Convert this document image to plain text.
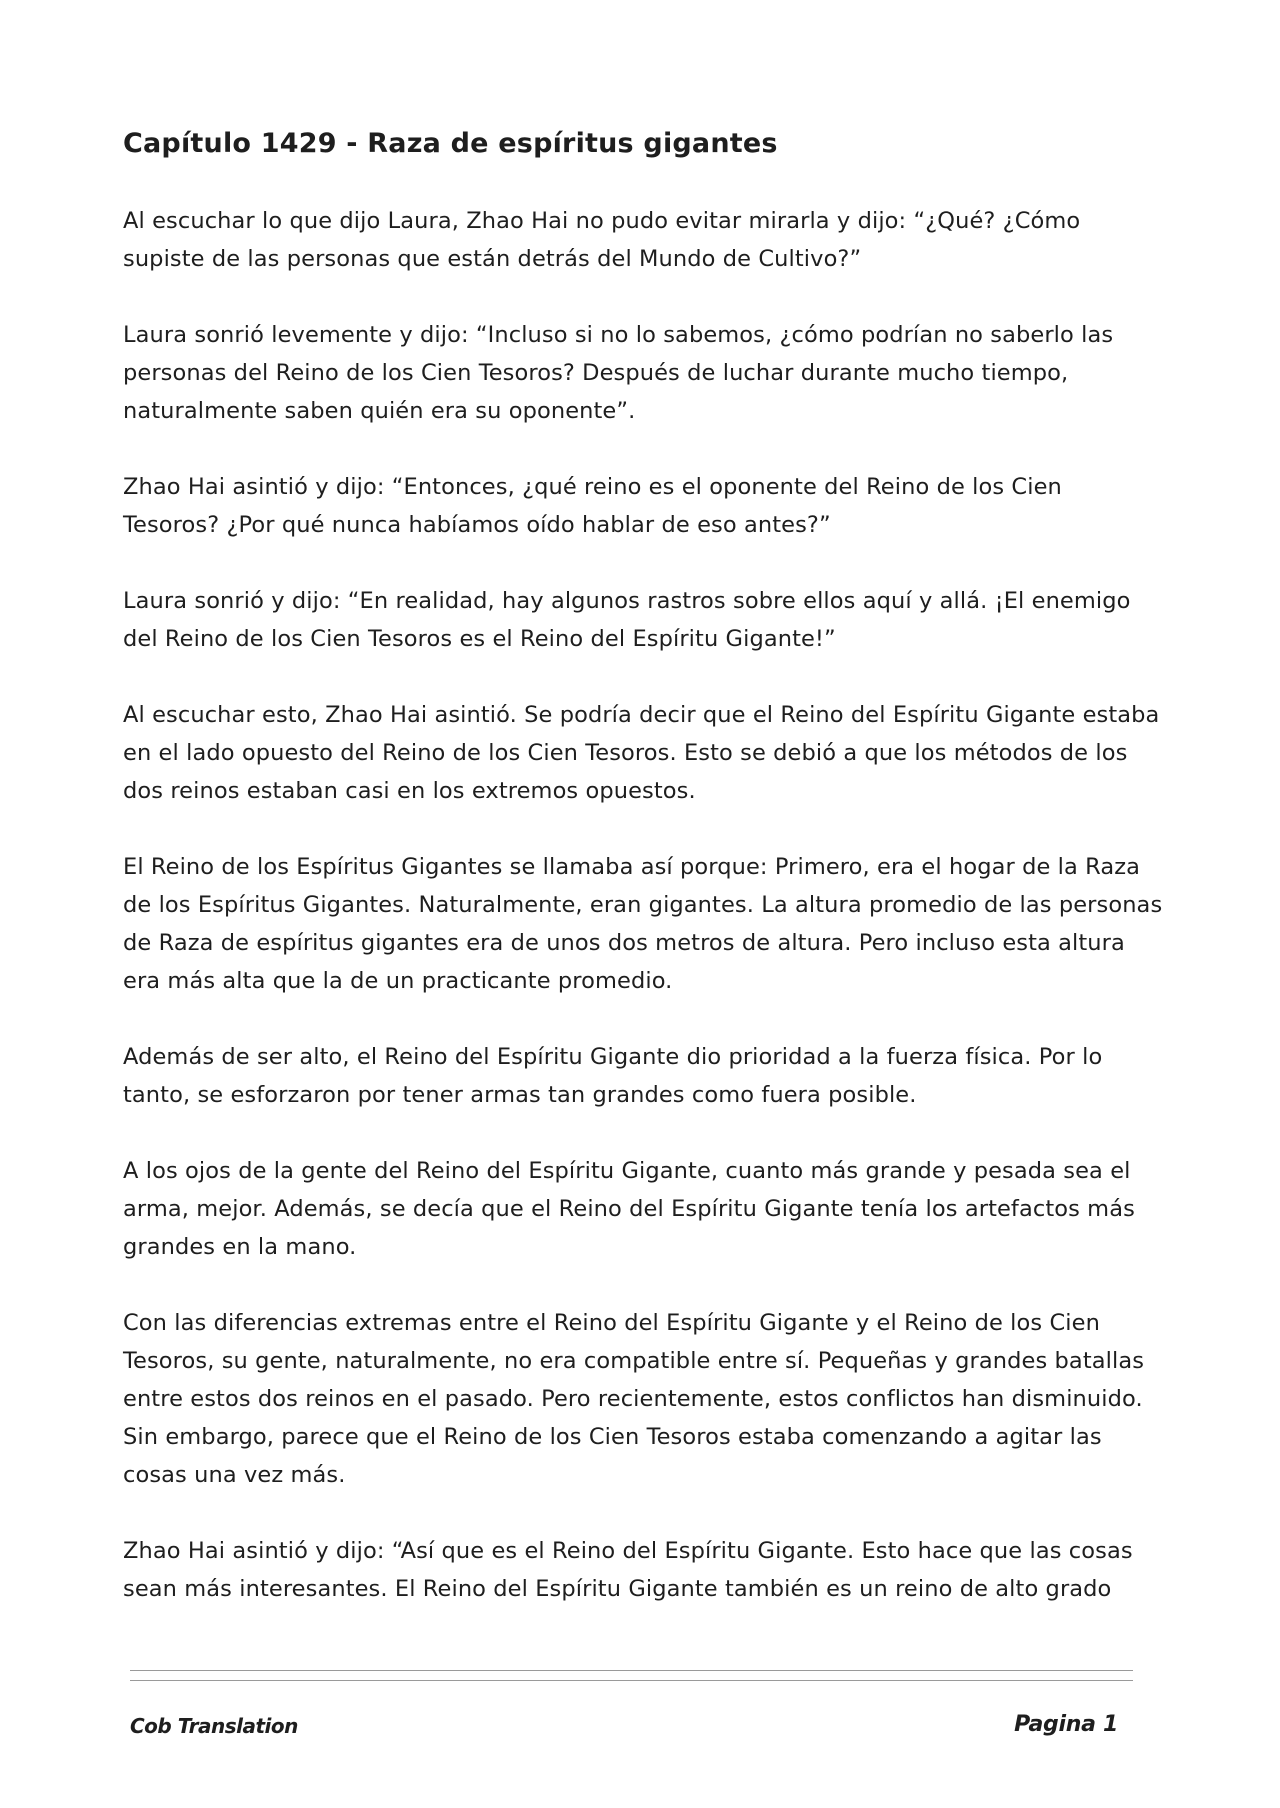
Capítulo 1429 - Raza de espíritus gigantes

Al escuchar lo que dijo Laura, Zhao Hai no pudo evitar mirarla y dijo: “¿Qué? ¿Cómo supiste de las personas que están detrás del Mundo de Cultivo?”

Laura sonrió levemente y dijo: “Incluso si no lo sabemos, ¿cómo podrían no saberlo las personas del Reino de los Cien Tesoros? Después de luchar durante mucho tiempo, naturalmente saben quién era su oponente”.

Zhao Hai asintió y dijo: “Entonces, ¿qué reino es el oponente del Reino de los Cien Tesoros? ¿Por qué nunca habíamos oído hablar de eso antes?”

Laura sonrió y dijo: “En realidad, hay algunos rastros sobre ellos aquí y allá. ¡El enemigo del Reino de los Cien Tesoros es el Reino del Espíritu Gigante!”

Al escuchar esto, Zhao Hai asintió. Se podría decir que el Reino del Espíritu Gigante estaba en el lado opuesto del Reino de los Cien Tesoros. Esto se debió a que los métodos de los dos reinos estaban casi en los extremos opuestos.

El Reino de los Espíritus Gigantes se llamaba así porque: Primero, era el hogar de la Raza de los Espíritus Gigantes. Naturalmente, eran gigantes. La altura promedio de las personas de Raza de espíritus gigantes era de unos dos metros de altura. Pero incluso esta altura era más alta que la de un practicante promedio.

Además de ser alto, el Reino del Espíritu Gigante dio prioridad a la fuerza física. Por lo tanto, se esforzaron por tener armas tan grandes como fuera posible.

A los ojos de la gente del Reino del Espíritu Gigante, cuanto más grande y pesada sea el arma, mejor. Además, se decía que el Reino del Espíritu Gigante tenía los artefactos más grandes en la mano.

Con las diferencias extremas entre el Reino del Espíritu Gigante y el Reino de los Cien Tesoros, su gente, naturalmente, no era compatible entre sí. Pequeñas y grandes batallas entre estos dos reinos en el pasado. Pero recientemente, estos conflictos han disminuido. Sin embargo, parece que el Reino de los Cien Tesoros estaba comenzando a agitar las cosas una vez más.

Zhao Hai asintió y dijo: “Así que es el Reino del Espíritu Gigante. Esto hace que las cosas sean más interesantes. El Reino del Espíritu Gigante también es un reino de alto grado

Cob Translation	Pagina 1
